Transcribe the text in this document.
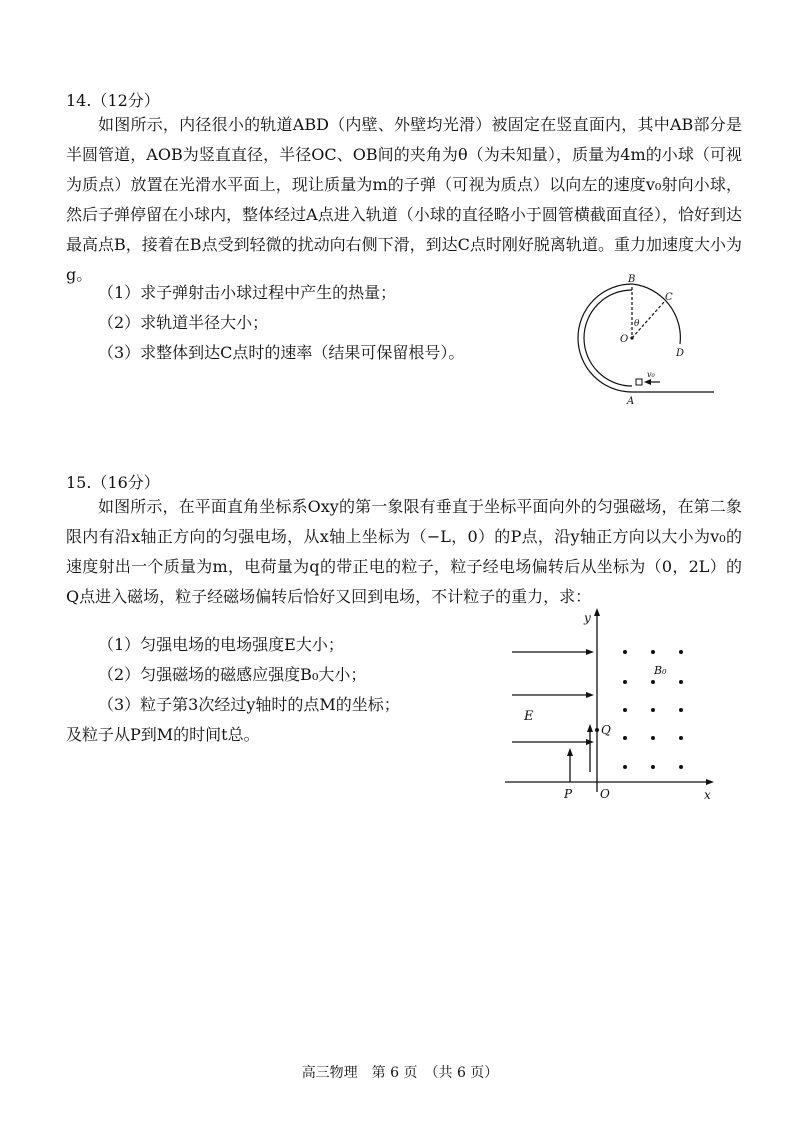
14.（12分）

如图所示，内径很小的轨道ABD（内壁、外壁均光滑）被固定在竖直面内，其中AB部分是半圆管道，AOB为竖直直径，半径OC、OB间的夹角为θ（为未知量），质量为4m的小球（可视为质点）放置在光滑水平面上，现让质量为m的子弹（可视为质点）以向左的速度v₀射向小球，然后子弹停留在小球内，整体经过A点进入轨道（小球的直径略小于圆管横截面直径），恰好到达最高点B，接着在B点受到轻微的扰动向右侧下滑，到达C点时刚好脱离轨道。重力加速度大小为g。

（1）求子弹射击小球过程中产生的热量；
（2）求轨道半径大小；
（3）求整体到达C点时的速率（结果可保留根号）。
B
C
O
D
A
θ
v₀
15.（16分）

如图所示，在平面直角坐标系Oxy的第一象限有垂直于坐标平面向外的匀强磁场，在第二象限内有沿x轴正方向的匀强电场，从x轴上坐标为（−L，0）的P点，沿y轴正方向以大小为v₀的速度射出一个质量为m，电荷量为q的带正电的粒子，粒子经电场偏转后从坐标为（0，2L）的Q点进入磁场，粒子经磁场偏转后恰好又回到电场，不计粒子的重力，求：

（1）匀强电场的电场强度E大小；
（2）匀强磁场的磁感应强度B₀大小；
（3）粒子第3次经过y轴时的点M的坐标；
及粒子从P到M的时间t总。
y
x
O
P
Q
E
B₀
高三物理　第 6 页　（共 6 页）
